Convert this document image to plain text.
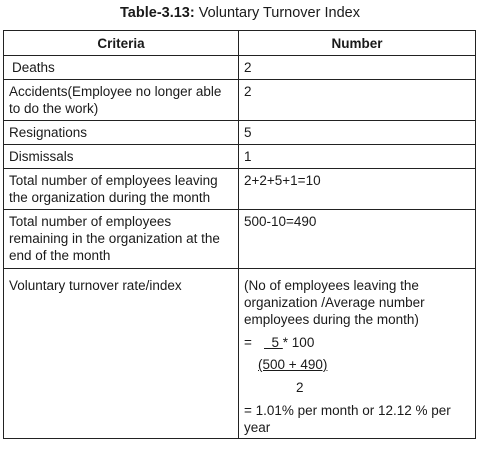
Table-3.13: Voluntary Turnover Index
Criteria	Number
Deaths	2
Accidents(Employee no longer able to do the work)	2
Resignations	5
Dismissals	1
Total number of employees leaving the organization during the month	2+2+5+1=10
Total number of employees remaining in the organization at the end of the month	500-10=490
Voluntary turnover rate/index	(No of employees leaving the organization /Average number employees during the month)
= 5 * 100
(500 + 490)
2
= 1.01% per month or 12.12 % per year
